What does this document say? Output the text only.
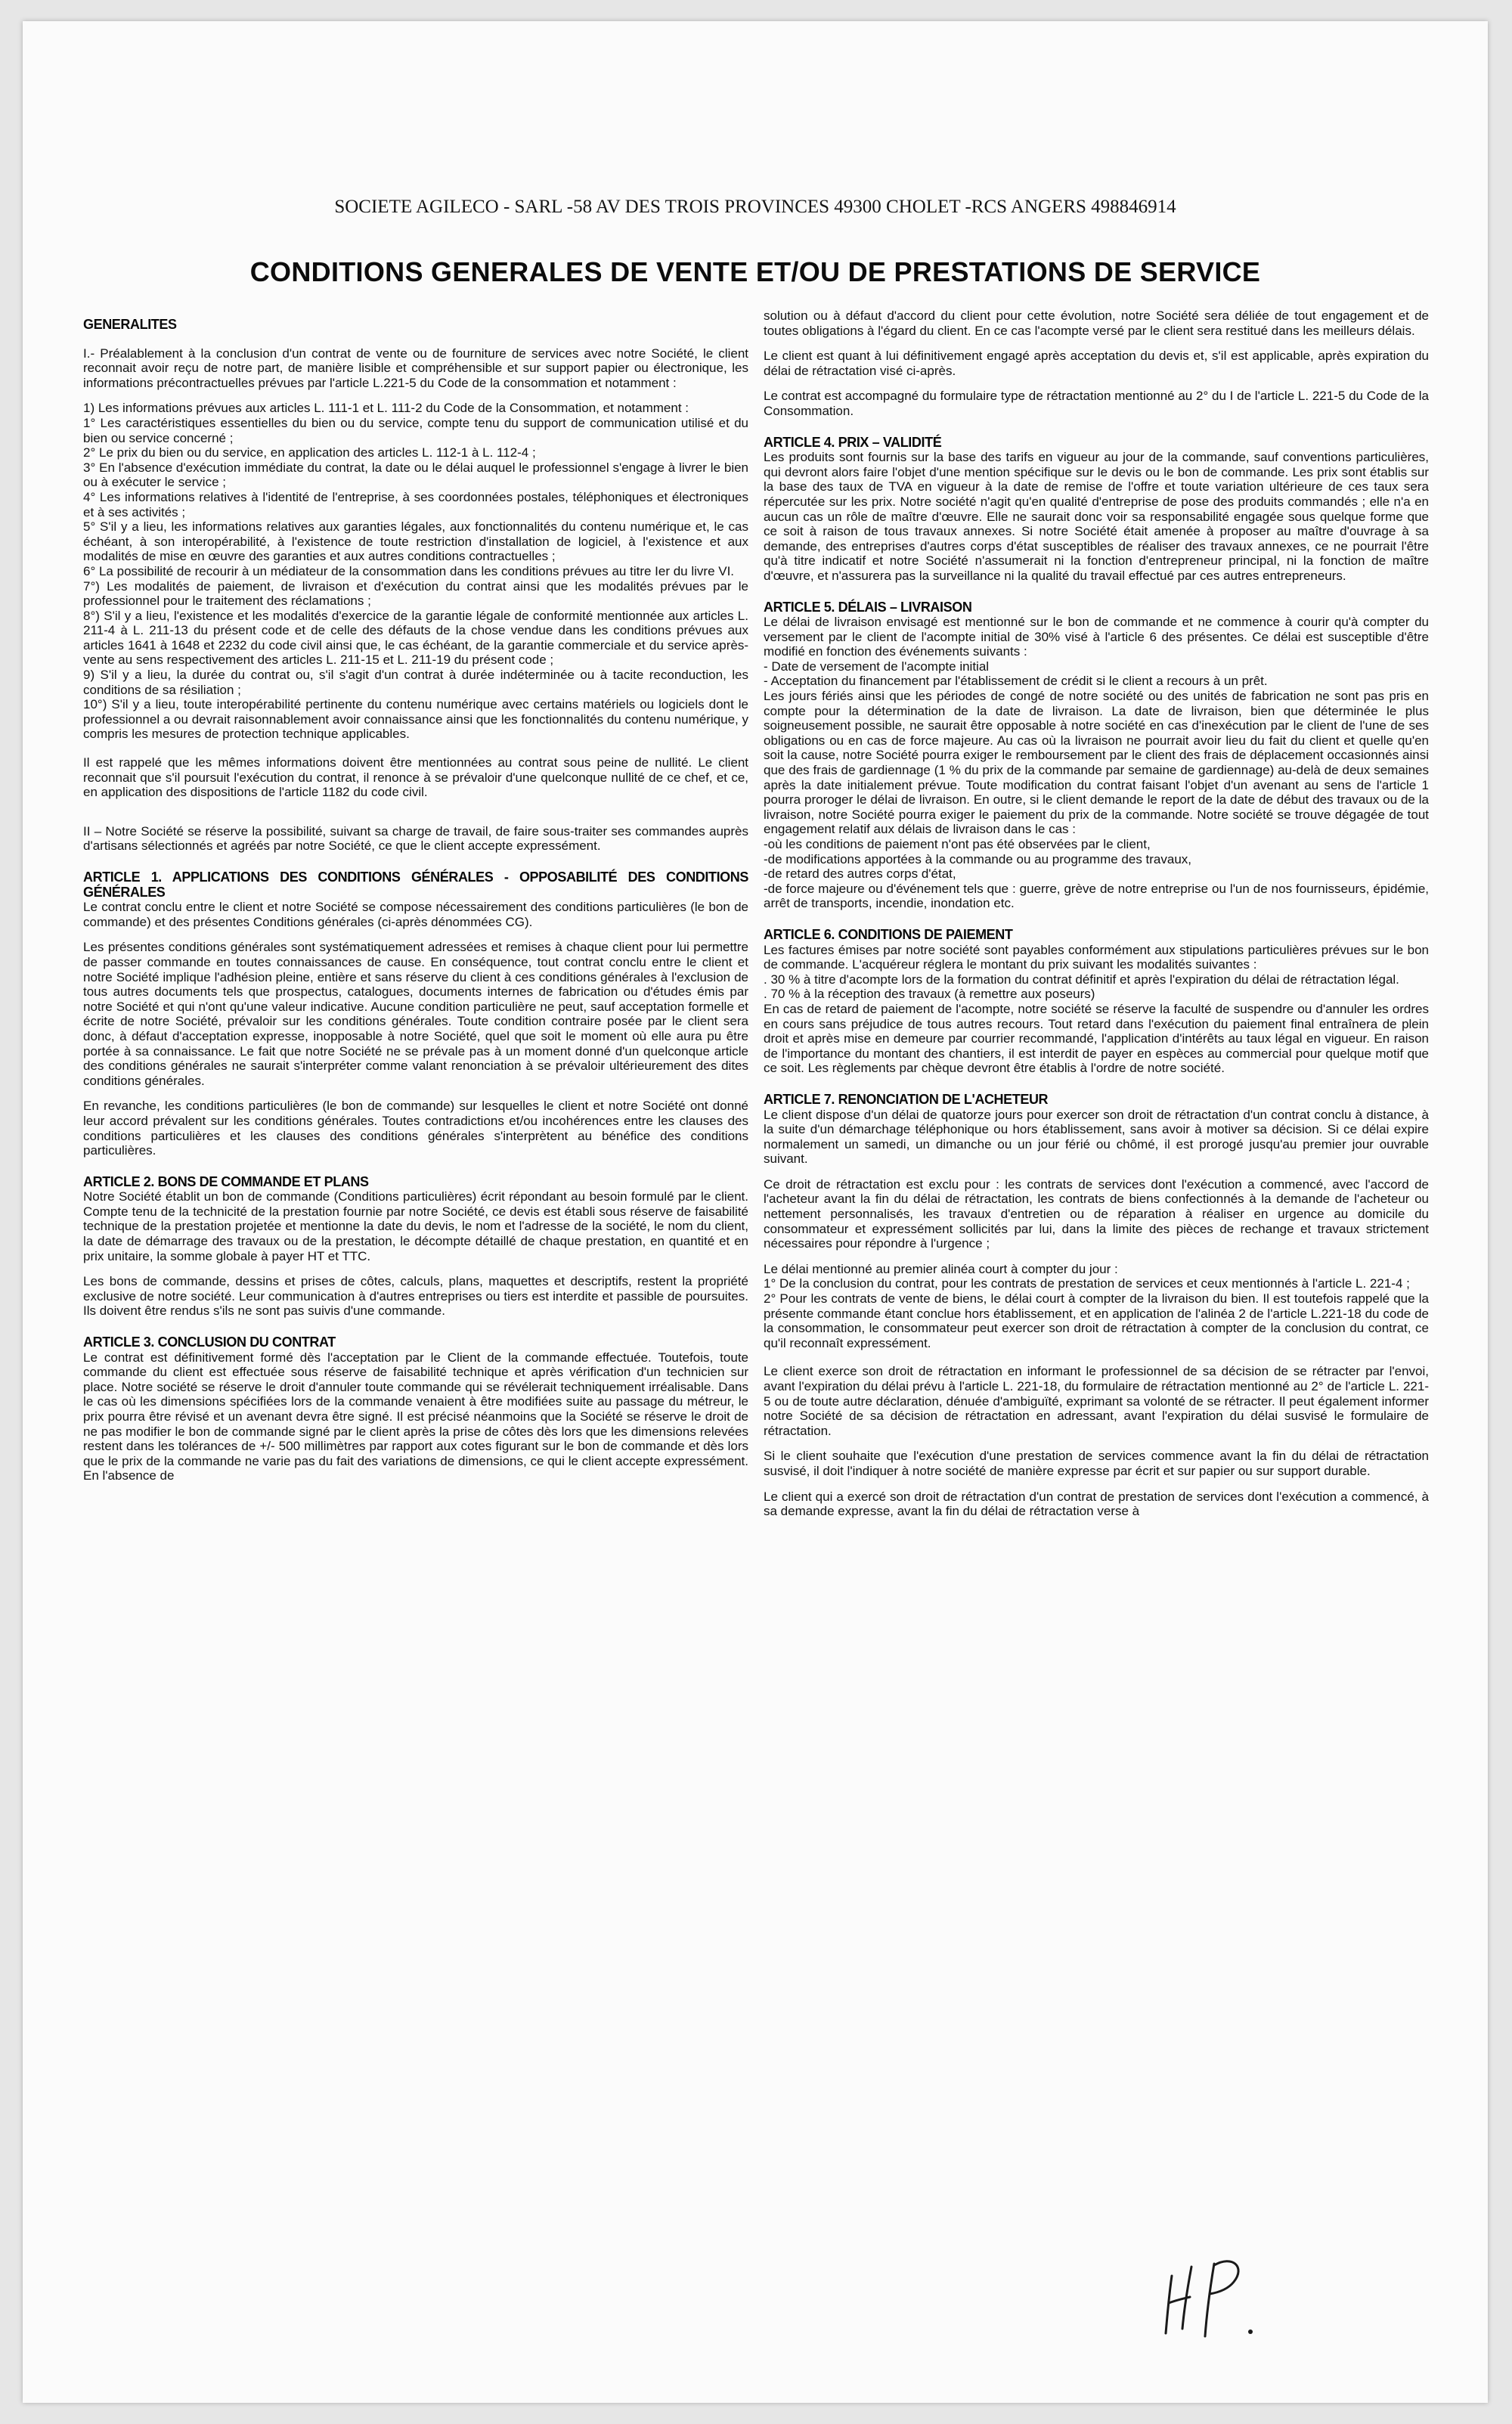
SOCIETE AGILECO - SARL -58 AV DES TROIS PROVINCES 49300 CHOLET -RCS ANGERS 498846914
CONDITIONS GENERALES DE VENTE ET/OU DE PRESTATIONS DE SERVICE
GENERALITES

I.- Préalablement à la conclusion d'un contrat de vente ou de fourniture de services avec notre Société, le client reconnait avoir reçu de notre part, de manière lisible et compréhensible et sur support papier ou électronique, les informations précontractuelles prévues par l'article L.221-5 du Code de la consommation et notamment :

1) Les informations prévues aux articles L. 111-1 et L. 111-2 du Code de la Consommation, et notamment :

1° Les caractéristiques essentielles du bien ou du service, compte tenu du support de communication utilisé et du bien ou service concerné ;

2° Le prix du bien ou du service, en application des articles L. 112-1 à L. 112-4 ;

3° En l'absence d'exécution immédiate du contrat, la date ou le délai auquel le professionnel s'engage à livrer le bien ou à exécuter le service ;

4° Les informations relatives à l'identité de l'entreprise, à ses coordonnées postales, téléphoniques et électroniques et à ses activités ;

5° S'il y a lieu, les informations relatives aux garanties légales, aux fonctionnalités du contenu numérique et, le cas échéant, à son interopérabilité, à l'existence de toute restriction d'installation de logiciel, à l'existence et aux modalités de mise en œuvre des garanties et aux autres conditions contractuelles ;

6° La possibilité de recourir à un médiateur de la consommation dans les conditions prévues au titre Ier du livre VI.

7°) Les modalités de paiement, de livraison et d'exécution du contrat ainsi que les modalités prévues par le professionnel pour le traitement des réclamations ;

8°) S'il y a lieu, l'existence et les modalités d'exercice de la garantie légale de conformité mentionnée aux articles L. 211-4 à L. 211-13 du présent code et de celle des défauts de la chose vendue dans les conditions prévues aux articles 1641 à 1648 et 2232 du code civil ainsi que, le cas échéant, de la garantie commerciale et du service après-vente au sens respectivement des articles L. 211-15 et L. 211-19 du présent code ;

9) S'il y a lieu, la durée du contrat ou, s'il s'agit d'un contrat à durée indéterminée ou à tacite reconduction, les conditions de sa résiliation ;

10°) S'il y a lieu, toute interopérabilité pertinente du contenu numérique avec certains matériels ou logiciels dont le professionnel a ou devrait raisonnablement avoir connaissance ainsi que les fonctionnalités du contenu numérique, y compris les mesures de protection technique applicables.

Il est rappelé que les mêmes informations doivent être mentionnées au contrat sous peine de nullité. Le client reconnait que s'il poursuit l'exécution du contrat, il renonce à se prévaloir d'une quelconque nullité de ce chef, et ce, en application des dispositions de l'article 1182 du code civil.

II – Notre Société se réserve la possibilité, suivant sa charge de travail, de faire sous-traiter ses commandes auprès d'artisans sélectionnés et agréés par notre Société, ce que le client accepte expressément.

ARTICLE 1. APPLICATIONS DES CONDITIONS GÉNÉRALES - OPPOSABILITÉ DES CONDITIONS GÉNÉRALES

Le contrat conclu entre le client et notre Société se compose nécessairement des conditions particulières (le bon de commande) et des présentes Conditions générales (ci-après dénommées CG).

Les présentes conditions générales sont systématiquement adressées et remises à chaque client pour lui permettre de passer commande en toutes connaissances de cause. En conséquence, tout contrat conclu entre le client et notre Société implique l'adhésion pleine, entière et sans réserve du client à ces conditions générales à l'exclusion de tous autres documents tels que prospectus, catalogues, documents internes de fabrication ou d'études émis par notre Société et qui n'ont qu'une valeur indicative. Aucune condition particulière ne peut, sauf acceptation formelle et écrite de notre Société, prévaloir sur les conditions générales. Toute condition contraire posée par le client sera donc, à défaut d'acceptation expresse, inopposable à notre Société, quel que soit le moment où elle aura pu être portée à sa connaissance. Le fait que notre Société ne se prévale pas à un moment donné d'un quelconque article des conditions générales ne saurait s'interpréter comme valant renonciation à se prévaloir ultérieurement des dites conditions générales.

En revanche, les conditions particulières (le bon de commande) sur lesquelles le client et notre Société ont donné leur accord prévalent sur les conditions générales. Toutes contradictions et/ou incohérences entre les clauses des conditions particulières et les clauses des conditions générales s'interprètent au bénéfice des conditions particulières.

ARTICLE 2. BONS DE COMMANDE ET PLANS

Notre Société établit un bon de commande (Conditions particulières) écrit répondant au besoin formulé par le client. Compte tenu de la technicité de la prestation fournie par notre Société, ce devis est établi sous réserve de faisabilité technique de la prestation projetée et mentionne la date du devis, le nom et l'adresse de la société, le nom du client, la date de démarrage des travaux ou de la prestation, le décompte détaillé de chaque prestation, en quantité et en prix unitaire, la somme globale à payer HT et TTC.

Les bons de commande, dessins et prises de côtes, calculs, plans, maquettes et descriptifs, restent la propriété exclusive de notre société. Leur communication à d'autres entreprises ou tiers est interdite et passible de poursuites. Ils doivent être rendus s'ils ne sont pas suivis d'une commande.

ARTICLE 3. CONCLUSION DU CONTRAT

Le contrat est définitivement formé dès l'acceptation par le Client de la commande effectuée. Toutefois, toute commande du client est effectuée sous réserve de faisabilité technique et après vérification d'un technicien sur place. Notre société se réserve le droit d'annuler toute commande qui se révélerait techniquement irréalisable. Dans le cas où les dimensions spécifiées lors de la commande venaient à être modifiées suite au passage du métreur, le prix pourra être révisé et un avenant devra être signé. Il est précisé néanmoins que la Société se réserve le droit de ne pas modifier le bon de commande signé par le client après la prise de côtes dès lors que les dimensions relevées restent dans les tolérances de +/- 500 millimètres par rapport aux cotes figurant sur le bon de commande et dès lors que le prix de la commande ne varie pas du fait des variations de dimensions, ce qui le client accepte expressément. En l'absence de

solution ou à défaut d'accord du client pour cette évolution, notre Société sera déliée de tout engagement et de toutes obligations à l'égard du client. En ce cas l'acompte versé par le client sera restitué dans les meilleurs délais.

Le client est quant à lui définitivement engagé après acceptation du devis et, s'il est applicable, après expiration du délai de rétractation visé ci-après.

Le contrat est accompagné du formulaire type de rétractation mentionné au 2° du I de l'article L. 221-5 du Code de la Consommation.

ARTICLE 4. PRIX – VALIDITÉ

Les produits sont fournis sur la base des tarifs en vigueur au jour de la commande, sauf conventions particulières, qui devront alors faire l'objet d'une mention spécifique sur le devis ou le bon de commande. Les prix sont établis sur la base des taux de TVA en vigueur à la date de remise de l'offre et toute variation ultérieure de ces taux sera répercutée sur les prix. Notre société n'agit qu'en qualité d'entreprise de pose des produits commandés ; elle n'a en aucun cas un rôle de maître d'œuvre. Elle ne saurait donc voir sa responsabilité engagée sous quelque forme que ce soit à raison de tous travaux annexes. Si notre Société était amenée à proposer au maître d'ouvrage à sa demande, des entreprises d'autres corps d'état susceptibles de réaliser des travaux annexes, ce ne pourrait l'être qu'à titre indicatif et notre Société n'assumerait ni la fonction d'entrepreneur principal, ni la fonction de maître d'œuvre, et n'assurera pas la surveillance ni la qualité du travail effectué par ces autres entrepreneurs.

ARTICLE 5. DÉLAIS – LIVRAISON

Le délai de livraison envisagé est mentionné sur le bon de commande et ne commence à courir qu'à compter du versement par le client de l'acompte initial de 30% visé à l'article 6 des présentes. Ce délai est susceptible d'être modifié en fonction des événements suivants :

- Date de versement de l'acompte initial

- Acceptation du financement par l'établissement de crédit si le client a recours à un prêt.

Les jours fériés ainsi que les périodes de congé de notre société ou des unités de fabrication ne sont pas pris en compte pour la détermination de la date de livraison. La date de livraison, bien que déterminée le plus soigneusement possible, ne saurait être opposable à notre société en cas d'inexécution par le client de l'une de ses obligations ou en cas de force majeure. Au cas où la livraison ne pourrait avoir lieu du fait du client et quelle qu'en soit la cause, notre Société pourra exiger le remboursement par le client des frais de déplacement occasionnés ainsi que des frais de gardiennage (1 % du prix de la commande par semaine de gardiennage) au-delà de deux semaines après la date initialement prévue. Toute modification du contrat faisant l'objet d'un avenant au sens de l'article 1 pourra proroger le délai de livraison. En outre, si le client demande le report de la date de début des travaux ou de la livraison, notre Société pourra exiger le paiement du prix de la commande. Notre société se trouve dégagée de tout engagement relatif aux délais de livraison dans le cas :

-où les conditions de paiement n'ont pas été observées par le client,

-de modifications apportées à la commande ou au programme des travaux,

-de retard des autres corps d'état,

-de force majeure ou d'événement tels que : guerre, grève de notre entreprise ou l'un de nos fournisseurs, épidémie, arrêt de transports, incendie, inondation etc.

ARTICLE 6. CONDITIONS DE PAIEMENT

Les factures émises par notre société sont payables conformément aux stipulations particulières prévues sur le bon de commande. L'acquéreur réglera le montant du prix suivant les modalités suivantes :

. 30 % à titre d'acompte lors de la formation du contrat définitif et après l'expiration du délai de rétractation légal.

. 70 % à la réception des travaux (à remettre aux poseurs)

En cas de retard de paiement de l'acompte, notre société se réserve la faculté de suspendre ou d'annuler les ordres en cours sans préjudice de tous autres recours. Tout retard dans l'exécution du paiement final entraînera de plein droit et après mise en demeure par courrier recommandé, l'application d'intérêts au taux légal en vigueur. En raison de l'importance du montant des chantiers, il est interdit de payer en espèces au commercial pour quelque motif que ce soit. Les règlements par chèque devront être établis à l'ordre de notre société.

ARTICLE 7. RENONCIATION DE L'ACHETEUR

Le client dispose d'un délai de quatorze jours pour exercer son droit de rétractation d'un contrat conclu à distance, à la suite d'un démarchage téléphonique ou hors établissement, sans avoir à motiver sa décision. Si ce délai expire normalement un samedi, un dimanche ou un jour férié ou chômé, il est prorogé jusqu'au premier jour ouvrable suivant.

Ce droit de rétractation est exclu pour : les contrats de services dont l'exécution a commencé, avec l'accord de l'acheteur avant la fin du délai de rétractation, les contrats de biens confectionnés à la demande de l'acheteur ou nettement personnalisés, les travaux d'entretien ou de réparation à réaliser en urgence au domicile du consommateur et expressément sollicités par lui, dans la limite des pièces de rechange et travaux strictement nécessaires pour répondre à l'urgence ;

Le délai mentionné au premier alinéa court à compter du jour :

1° De la conclusion du contrat, pour les contrats de prestation de services et ceux mentionnés à l'article L. 221-4 ;

2° Pour les contrats de vente de biens, le délai court à compter de la livraison du bien. Il est toutefois rappelé que la présente commande étant conclue hors établissement, et en application de l'alinéa 2 de l'article L.221-18 du code de la consommation, le consommateur peut exercer son droit de rétractation à compter de la conclusion du contrat, ce qu'il reconnaît expressément.

Le client exerce son droit de rétractation en informant le professionnel de sa décision de se rétracter par l'envoi, avant l'expiration du délai prévu à l'article L. 221-18, du formulaire de rétractation mentionné au 2° de l'article L. 221-5 ou de toute autre déclaration, dénuée d'ambiguïté, exprimant sa volonté de se rétracter. Il peut également informer notre Société de sa décision de rétractation en adressant, avant l'expiration du délai susvisé le formulaire de rétractation.

Si le client souhaite que l'exécution d'une prestation de services commence avant la fin du délai de rétractation susvisé, il doit l'indiquer à notre société de manière expresse par écrit et sur papier ou sur support durable.

Le client qui a exercé son droit de rétractation d'un contrat de prestation de services dont l'exécution a commencé, à sa demande expresse, avant la fin du délai de rétractation verse à
